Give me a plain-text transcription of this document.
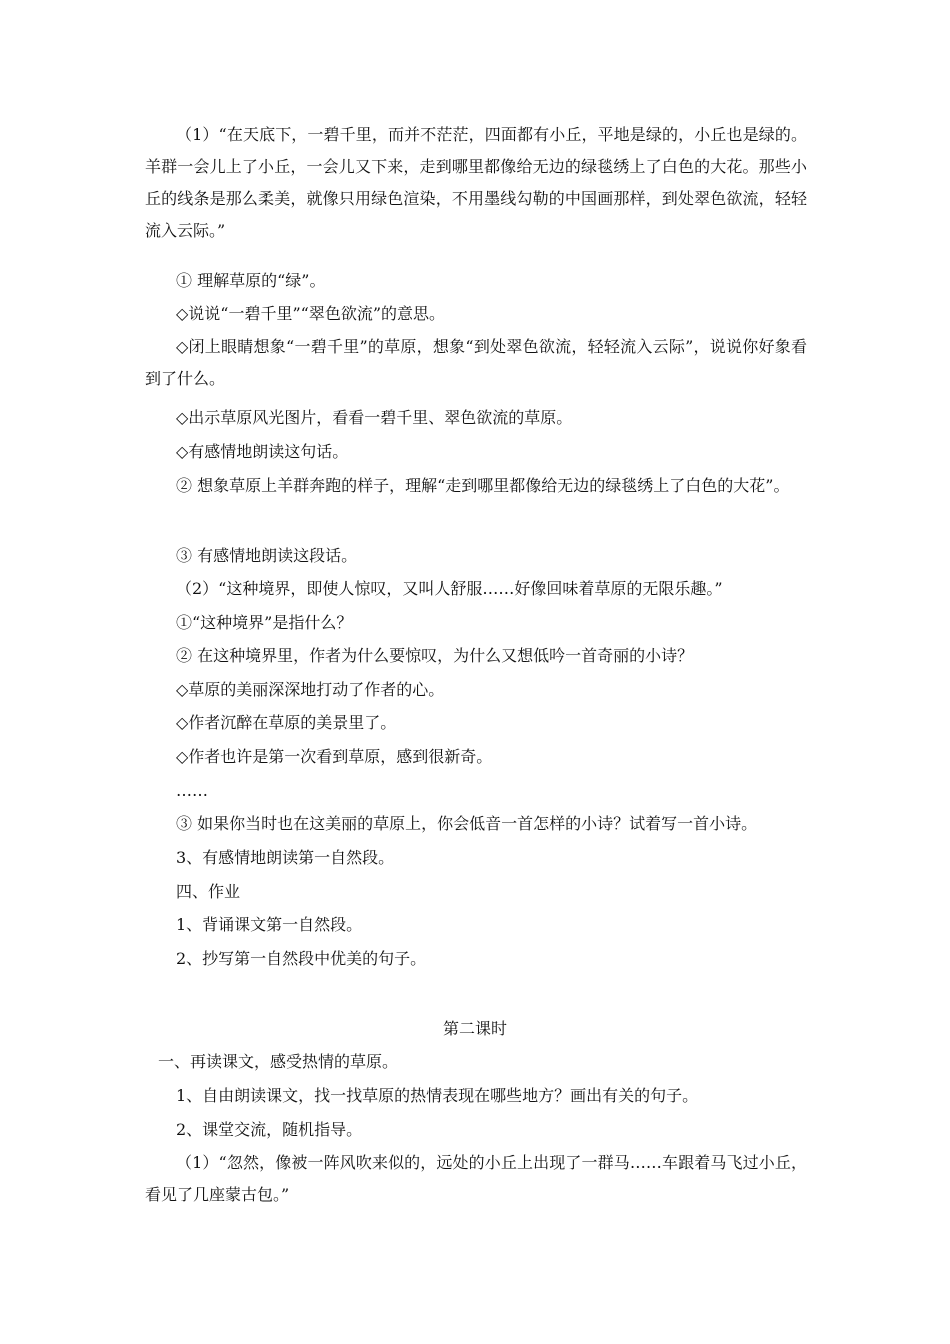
（1）“在天底下，一碧千里，而并不茫茫，四面都有小丘，平地是绿的，小丘也是绿的。羊群一会儿上了小丘，一会儿又下来，走到哪里都像给无边的绿毯绣上了白色的大花。那些小丘的线条是那么柔美，就像只用绿色渲染，不用墨线勾勒的中国画那样，到处翠色欲流，轻轻流入云际。”

① 理解草原的“绿”。

◇说说“一碧千里”“翠色欲流”的意思。

◇闭上眼睛想象“一碧千里”的草原，想象“到处翠色欲流，轻轻流入云际”，说说你好象看到了什么。

◇出示草原风光图片，看看一碧千里、翠色欲流的草原。

◇有感情地朗读这句话。

② 想象草原上羊群奔跑的样子，理解“走到哪里都像给无边的绿毯绣上了白色的大花”。

③ 有感情地朗读这段话。

（2）“这种境界，即使人惊叹，又叫人舒服……好像回味着草原的无限乐趣。”

①“这种境界”是指什么？

② 在这种境界里，作者为什么要惊叹，为什么又想低吟一首奇丽的小诗？

◇草原的美丽深深地打动了作者的心。

◇作者沉醉在草原的美景里了。

◇作者也许是第一次看到草原，感到很新奇。

……

③ 如果你当时也在这美丽的草原上，你会低音一首怎样的小诗？试着写一首小诗。

3、有感情地朗读第一自然段。

四、作业

1、背诵课文第一自然段。

2、抄写第一自然段中优美的句子。

第二课时

一、再读课文，感受热情的草原。

1、自由朗读课文，找一找草原的热情表现在哪些地方？画出有关的句子。

2、课堂交流，随机指导。

（1）“忽然，像被一阵风吹来似的，远处的小丘上出现了一群马……车跟着马飞过小丘，看见了几座蒙古包。”
